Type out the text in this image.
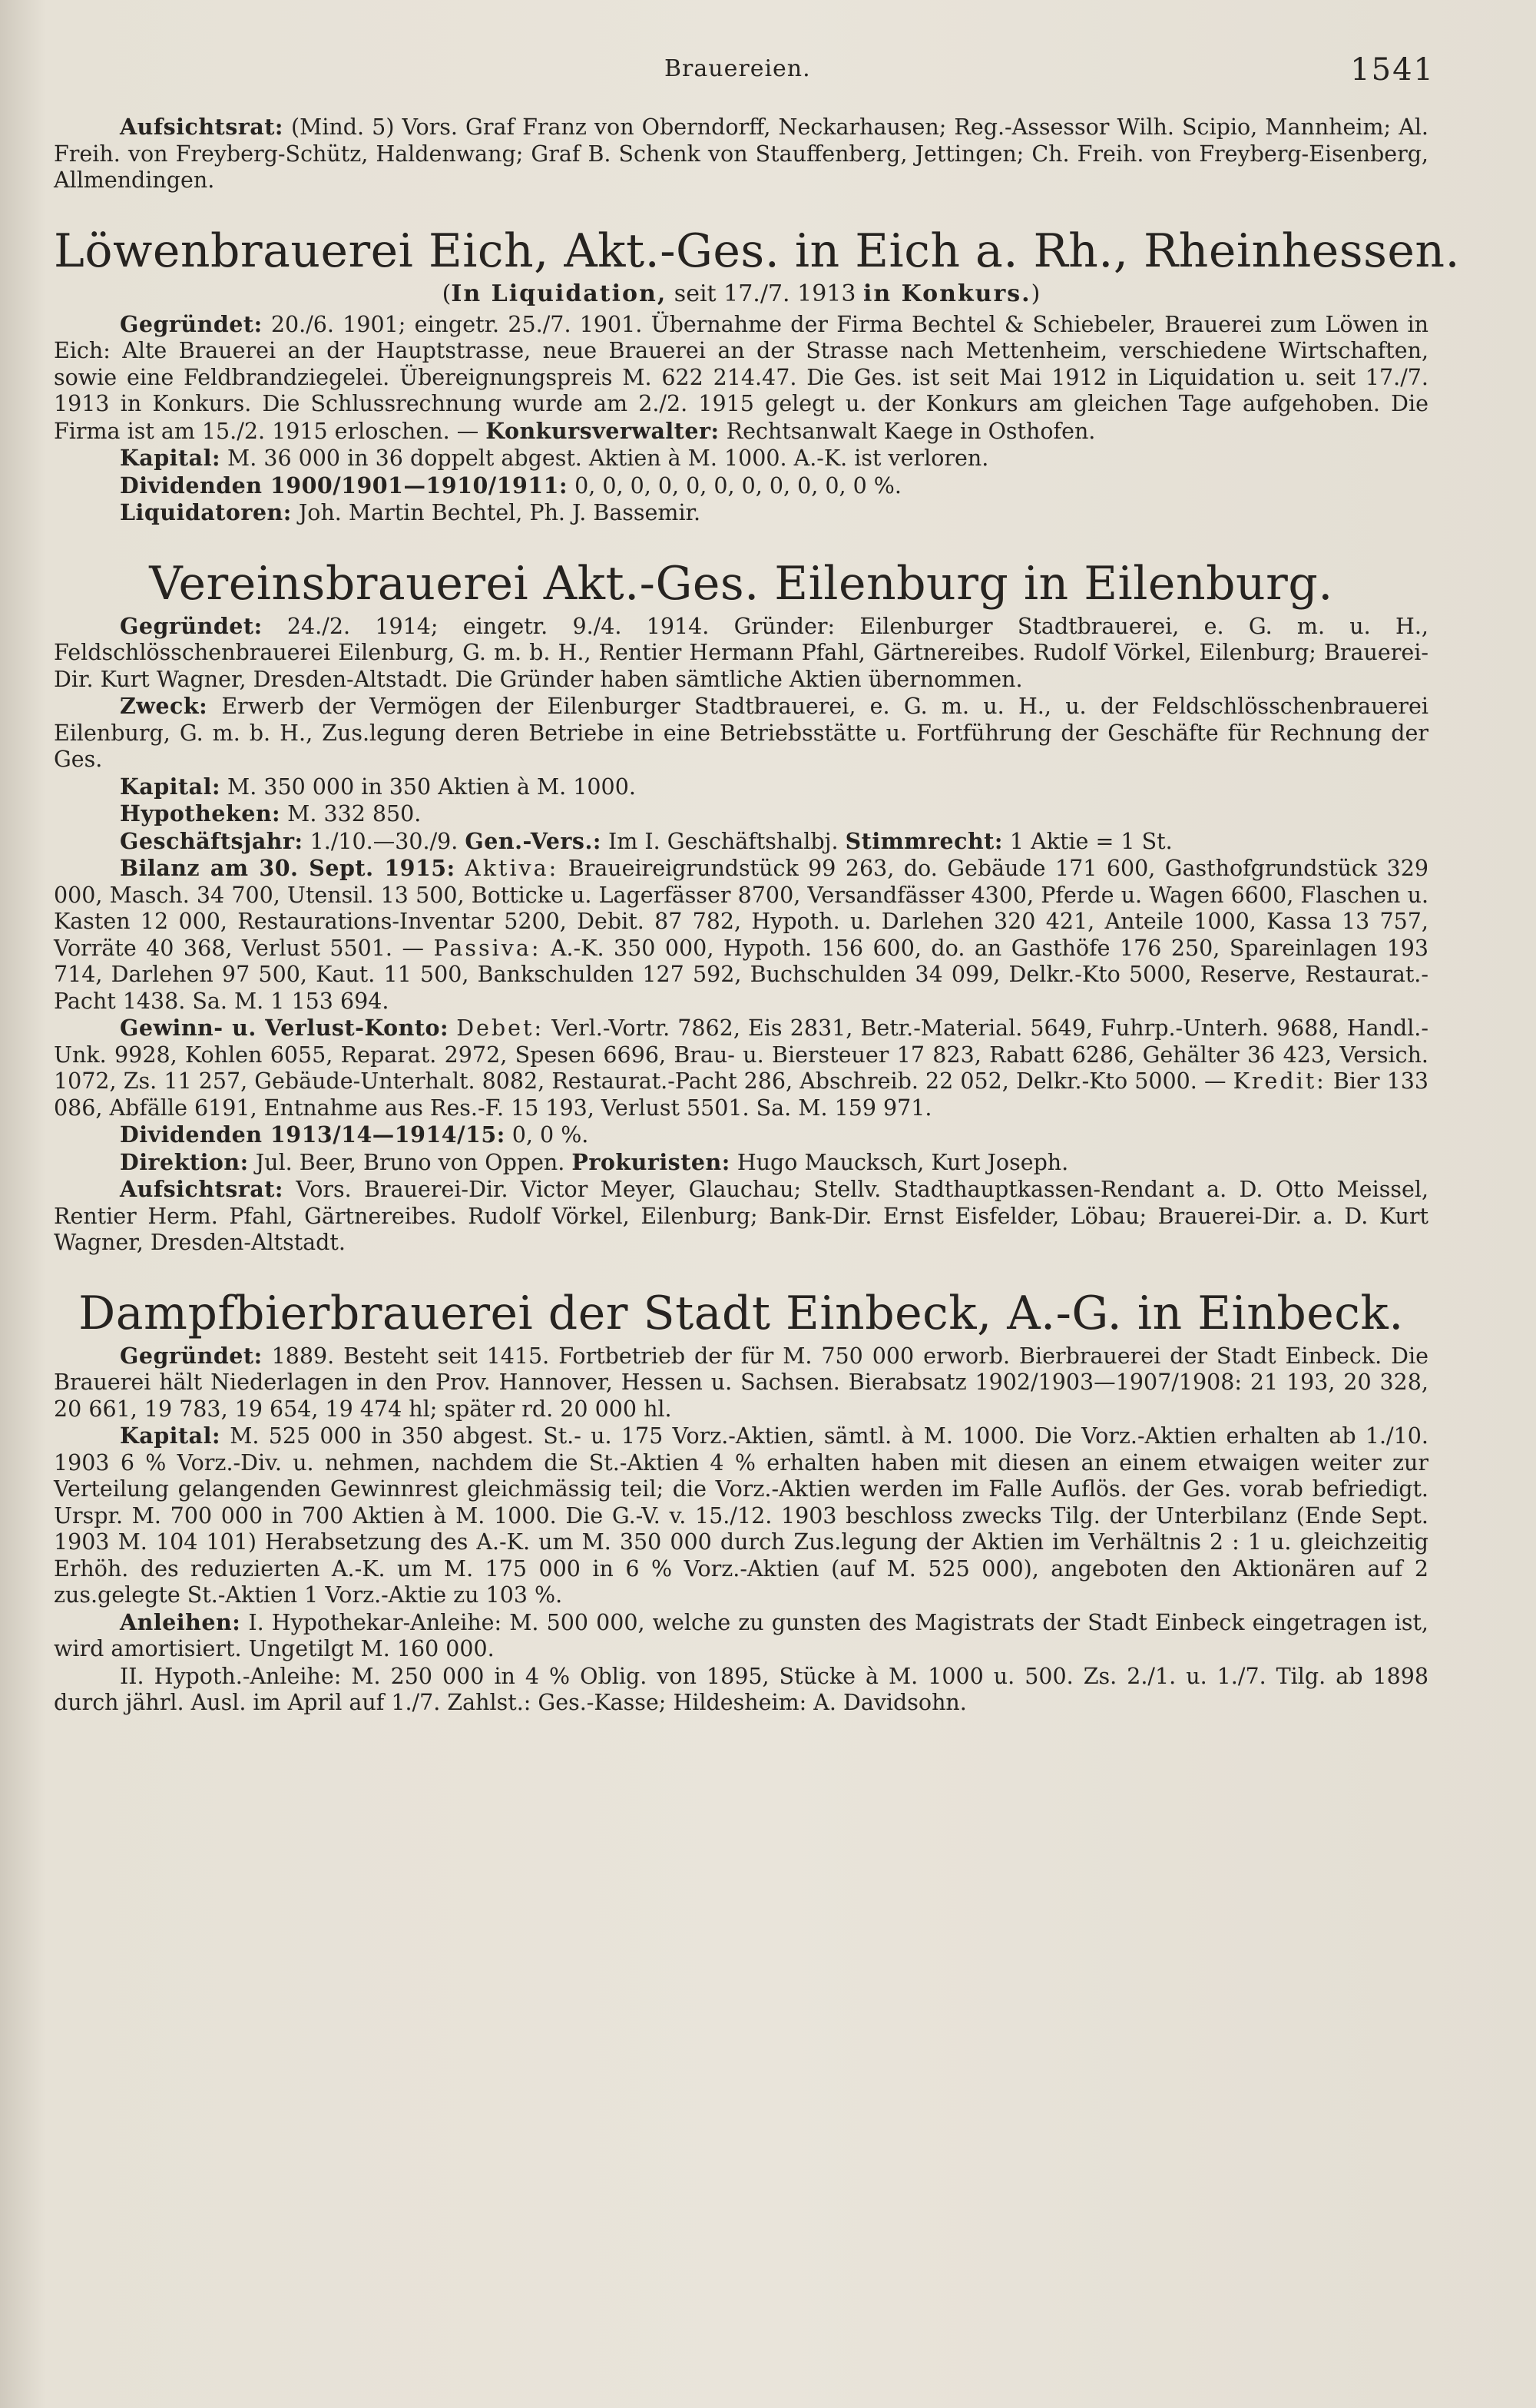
Brauereien.	1541

Aufsichtsrat: (Mind. 5) Vors. Graf Franz von Oberndorff, Neckarhausen; Reg.-Assessor Wilh. Scipio, Mannheim; Al. Freih. von Freyberg-Schütz, Haldenwang; Graf B. Schenk von Stauffenberg, Jettingen; Ch. Freih. von Freyberg-Eisenberg, Allmendingen.

Löwenbrauerei Eich, Akt.-Ges. in Eich a. Rh., Rheinhessen.
(In Liquidation, seit 17./7. 1913 in Konkurs.)

Gegründet: 20./6. 1901; eingetr. 25./7. 1901. Übernahme der Firma Bechtel & Schiebeler, Brauerei zum Löwen in Eich: Alte Brauerei an der Hauptstrasse, neue Brauerei an der Strasse nach Mettenheim, verschiedene Wirtschaften, sowie eine Feldbrandziegelei. Übereignungspreis M. 622 214.47. Die Ges. ist seit Mai 1912 in Liquidation u. seit 17./7. 1913 in Konkurs. Die Schlussrechnung wurde am 2./2. 1915 gelegt u. der Konkurs am gleichen Tage aufgehoben. Die Firma ist am 15./2. 1915 erloschen. — Konkursverwalter: Rechtsanwalt Kaege in Osthofen.

Kapital: M. 36 000 in 36 doppelt abgest. Aktien à M. 1000. A.-K. ist verloren.

Dividenden 1900/1901—1910/1911: 0, 0, 0, 0, 0, 0, 0, 0, 0, 0, 0 %.

Liquidatoren: Joh. Martin Bechtel, Ph. J. Bassemir.

Vereinsbrauerei Akt.-Ges. Eilenburg in Eilenburg.

Gegründet: 24./2. 1914; eingetr. 9./4. 1914. Gründer: Eilenburger Stadtbrauerei, e. G. m. u. H., Feldschlösschenbrauerei Eilenburg, G. m. b. H., Rentier Hermann Pfahl, Gärtnereibes. Rudolf Vörkel, Eilenburg; Brauerei-Dir. Kurt Wagner, Dresden-Altstadt. Die Gründer haben sämtliche Aktien übernommen.

Zweck: Erwerb der Vermögen der Eilenburger Stadtbrauerei, e. G. m. u. H., u. der Feldschlösschenbrauerei Eilenburg, G. m. b. H., Zus.legung deren Betriebe in eine Betriebsstätte u. Fortführung der Geschäfte für Rechnung der Ges.

Kapital: M. 350 000 in 350 Aktien à M. 1000.

Hypotheken: M. 332 850.

Geschäftsjahr: 1./10.—30./9. Gen.-Vers.: Im I. Geschäftshalbj. Stimmrecht: 1 Aktie = 1 St.

Bilanz am 30. Sept. 1915: Aktiva: Braueireigrundstück 99 263, do. Gebäude 171 600, Gasthofgrundstück 329 000, Masch. 34 700, Utensil. 13 500, Botticke u. Lagerfässer 8700, Versandfässer 4300, Pferde u. Wagen 6600, Flaschen u. Kasten 12 000, Restaurations-Inventar 5200, Debit. 87 782, Hypoth. u. Darlehen 320 421, Anteile 1000, Kassa 13 757, Vorräte 40 368, Verlust 5501. — Passiva: A.-K. 350 000, Hypoth. 156 600, do. an Gasthöfe 176 250, Spareinlagen 193 714, Darlehen 97 500, Kaut. 11 500, Bankschulden 127 592, Buchschulden 34 099, Delkr.-Kto 5000, Reserve, Restaurat.-Pacht 1438. Sa. M. 1 153 694.

Gewinn- u. Verlust-Konto: Debet: Verl.-Vortr. 7862, Eis 2831, Betr.-Material. 5649, Fuhrp.-Unterh. 9688, Handl.-Unk. 9928, Kohlen 6055, Reparat. 2972, Spesen 6696, Brau- u. Biersteuer 17 823, Rabatt 6286, Gehälter 36 423, Versich. 1072, Zs. 11 257, Gebäude-Unterhalt. 8082, Restaurat.-Pacht 286, Abschreib. 22 052, Delkr.-Kto 5000. — Kredit: Bier 133 086, Abfälle 6191, Entnahme aus Res.-F. 15 193, Verlust 5501. Sa. M. 159 971.

Dividenden 1913/14—1914/15: 0, 0 %.

Direktion: Jul. Beer, Bruno von Oppen. Prokuristen: Hugo Maucksch, Kurt Joseph.

Aufsichtsrat: Vors. Brauerei-Dir. Victor Meyer, Glauchau; Stellv. Stadthauptkassen-Rendant a. D. Otto Meissel, Rentier Herm. Pfahl, Gärtnereibes. Rudolf Vörkel, Eilenburg; Bank-Dir. Ernst Eisfelder, Löbau; Brauerei-Dir. a. D. Kurt Wagner, Dresden-Altstadt.

Dampfbierbrauerei der Stadt Einbeck, A.-G. in Einbeck.

Gegründet: 1889. Besteht seit 1415. Fortbetrieb der für M. 750 000 erworb. Bierbrauerei der Stadt Einbeck. Die Brauerei hält Niederlagen in den Prov. Hannover, Hessen u. Sachsen. Bierabsatz 1902/1903—1907/1908: 21 193, 20 328, 20 661, 19 783, 19 654, 19 474 hl; später rd. 20 000 hl.

Kapital: M. 525 000 in 350 abgest. St.- u. 175 Vorz.-Aktien, sämtl. à M. 1000. Die Vorz.-Aktien erhalten ab 1./10. 1903 6 % Vorz.-Div. u. nehmen, nachdem die St.-Aktien 4 % erhalten haben mit diesen an einem etwaigen weiter zur Verteilung gelangenden Gewinnrest gleichmässig teil; die Vorz.-Aktien werden im Falle Auflös. der Ges. vorab befriedigt. Urspr. M. 700 000 in 700 Aktien à M. 1000. Die G.-V. v. 15./12. 1903 beschloss zwecks Tilg. der Unterbilanz (Ende Sept. 1903 M. 104 101) Herabsetzung des A.-K. um M. 350 000 durch Zus.legung der Aktien im Verhältnis 2 : 1 u. gleichzeitig Erhöh. des reduzierten A.-K. um M. 175 000 in 6 % Vorz.-Aktien (auf M. 525 000), angeboten den Aktionären auf 2 zus.gelegte St.-Aktien 1 Vorz.-Aktie zu 103 %.

Anleihen: I. Hypothekar-Anleihe: M. 500 000, welche zu gunsten des Magistrats der Stadt Einbeck eingetragen ist, wird amortisiert. Ungetilgt M. 160 000.

II. Hypoth.-Anleihe: M. 250 000 in 4 % Oblig. von 1895, Stücke à M. 1000 u. 500. Zs. 2./1. u. 1./7. Tilg. ab 1898 durch jährl. Ausl. im April auf 1./7. Zahlst.: Ges.-Kasse; Hildesheim: A. Davidsohn.
